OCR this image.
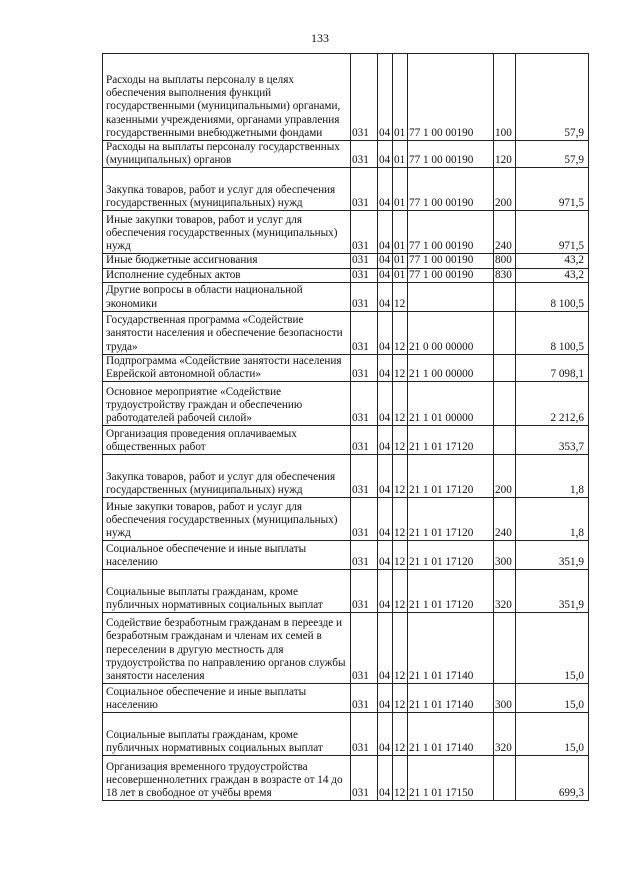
133
Расходы на выплаты персоналу в целях обеспечения выполнения функций государственными (муниципальными) органами, казенными учреждениями, органами управления государственными внебюджетными фондами	031	04	01	77 1 00 00190	100	57,9
Расходы на выплаты персоналу государственных (муниципальных) органов	031	04	01	77 1 00 00190	120	57,9
Закупка товаров, работ и услуг для обеспечения государственных (муниципальных) нужд	031	04	01	77 1 00 00190	200	971,5
Иные закупки товаров, работ и услуг для обеспечения государственных (муниципальных) нужд	031	04	01	77 1 00 00190	240	971,5
Иные бюджетные ассигнования	031	04	01	77 1 00 00190	800	43,2
Исполнение судебных актов	031	04	01	77 1 00 00190	830	43,2
Другие вопросы в области национальной экономики	031	04	12			8 100,5
Государственная программа «Содействие занятости населения и обеспечение безопасности труда»	031	04	12	21 0 00 00000		8 100,5
Подпрограмма «Содействие занятости населения Еврейской автономной области»	031	04	12	21 1 00 00000		7 098,1
Основное мероприятие «Содействие трудоустройству граждан и обеспечению работодателей рабочей силой»	031	04	12	21 1 01 00000		2 212,6
Организация проведения оплачиваемых общественных работ	031	04	12	21 1 01 17120		353,7
Закупка товаров, работ и услуг для обеспечения государственных (муниципальных) нужд	031	04	12	21 1 01 17120	200	1,8
Иные закупки товаров, работ и услуг для обеспечения государственных (муниципальных) нужд	031	04	12	21 1 01 17120	240	1,8
Социальное обеспечение и иные выплаты населению	031	04	12	21 1 01 17120	300	351,9
Социальные выплаты гражданам, кроме публичных нормативных социальных выплат	031	04	12	21 1 01 17120	320	351,9
Содействие безработным гражданам в переезде и безработным гражданам и членам их семей в переселении в другую местность для трудоустройства по направлению органов службы занятости населения	031	04	12	21 1 01 17140		15,0
Социальное обеспечение и иные выплаты населению	031	04	12	21 1 01 17140	300	15,0
Социальные выплаты гражданам, кроме публичных нормативных социальных выплат	031	04	12	21 1 01 17140	320	15,0
Организация временного трудоустройства несовершеннолетних граждан в возрасте от 14 до 18 лет в свободное от учёбы время	031	04	12	21 1 01 17150		699,3
